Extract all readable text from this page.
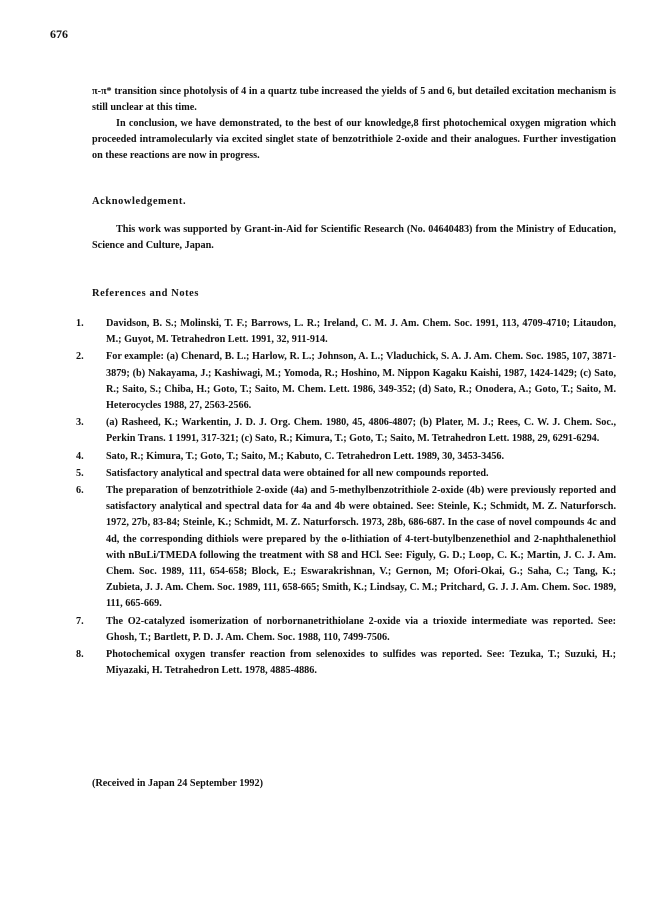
676

π-π* transition since photolysis of 4 in a quartz tube increased the yields of 5 and 6, but detailed excitation mechanism is still unclear at this time.

In conclusion, we have demonstrated, to the best of our knowledge,8 first photochemical oxygen migration which proceeded intramolecularly via excited singlet state of benzotrithiole 2-oxide and their analogues. Further investigation on these reactions are now in progress.

Acknowledgement.

This work was supported by Grant-in-Aid for Scientific Research (No. 04640483) from the Ministry of Education, Science and Culture, Japan.

References and Notes
1.	Davidson, B. S.; Molinski, T. F.; Barrows, L. R.; Ireland, C. M. J. Am. Chem. Soc. 1991, 113, 4709-4710; Litaudon, M.; Guyot, M. Tetrahedron Lett. 1991, 32, 911-914.
2.	For example: (a) Chenard, B. L.; Harlow, R. L.; Johnson, A. L.; Vladuchick, S. A. J. Am. Chem. Soc. 1985, 107, 3871-3879; (b) Nakayama, J.; Kashiwagi, M.; Yomoda, R.; Hoshino, M. Nippon Kagaku Kaishi, 1987, 1424-1429; (c) Sato, R.; Saito, S.; Chiba, H.; Goto, T.; Saito, M. Chem. Lett. 1986, 349-352; (d) Sato, R.; Onodera, A.; Goto, T.; Saito, M. Heterocycles 1988, 27, 2563-2566.
3.	(a) Rasheed, K.; Warkentin, J. D. J. Org. Chem. 1980, 45, 4806-4807; (b) Plater, M. J.; Rees, C. W. J. Chem. Soc., Perkin Trans. 1 1991, 317-321; (c) Sato, R.; Kimura, T.; Goto, T.; Saito, M. Tetrahedron Lett. 1988, 29, 6291-6294.
4.	Sato, R.; Kimura, T.; Goto, T.; Saito, M.; Kabuto, C. Tetrahedron Lett. 1989, 30, 3453-3456.
5.	Satisfactory analytical and spectral data were obtained for all new compounds reported.
6.	The preparation of benzotrithiole 2-oxide (4a) and 5-methylbenzotrithiole 2-oxide (4b) were previously reported and satisfactory analytical and spectral data for 4a and 4b were obtained. See: Steinle, K.; Schmidt, M. Z. Naturforsch. 1972, 27b, 83-84; Steinle, K.; Schmidt, M. Z. Naturforsch. 1973, 28b, 686-687. In the case of novel compounds 4c and 4d, the corresponding dithiols were prepared by the o-lithiation of 4-tert-butylbenzenethiol and 2-naphthalenethiol with nBuLi/TMEDA following the treatment with S8 and HCl. See: Figuly, G. D.; Loop, C. K.; Martin, J. C. J. Am. Chem. Soc. 1989, 111, 654-658; Block, E.; Eswarakrishnan, V.; Gernon, M; Ofori-Okai, G.; Saha, C.; Tang, K.; Zubieta, J. J. Am. Chem. Soc. 1989, 111, 658-665; Smith, K.; Lindsay, C. M.; Pritchard, G. J. J. Am. Chem. Soc. 1989, 111, 665-669.
7.	The O2-catalyzed isomerization of norbornanetrithiolane 2-oxide via a trioxide intermediate was reported. See: Ghosh, T.; Bartlett, P. D. J. Am. Chem. Soc. 1988, 110, 7499-7506.
8.	Photochemical oxygen transfer reaction from selenoxides to sulfides was reported. See: Tezuka, T.; Suzuki, H.; Miyazaki, H. Tetrahedron Lett. 1978, 4885-4886.
(Received in Japan 24 September 1992)
